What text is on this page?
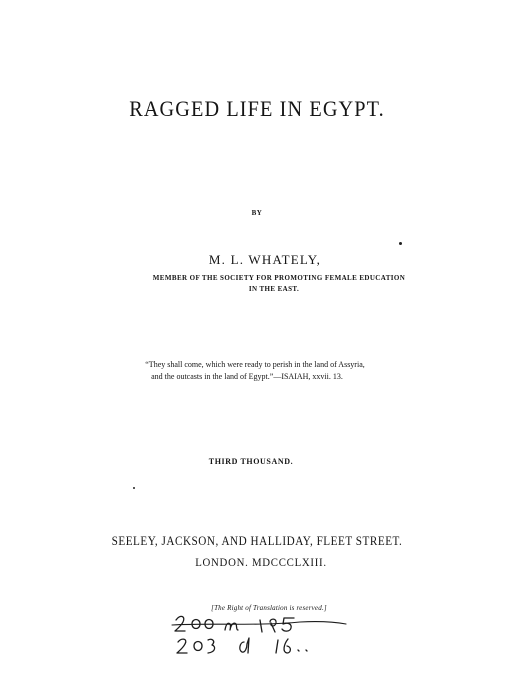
RAGGED LIFE IN EGYPT.
BY
M. L. WHATELY,
MEMBER OF THE SOCIETY FOR PROMOTING FEMALE EDUCATION
IN THE EAST.
“They shall come, which were ready to perish in the land of Assyria,
and the outcasts in the land of Egypt.”—ISAIAH, xxvii. 13.
THIRD THOUSAND.
SEELEY, JACKSON, AND HALLIDAY, FLEET STREET.
LONDON. MDCCCLXIII.
[The Right of Translation is reserved.]
